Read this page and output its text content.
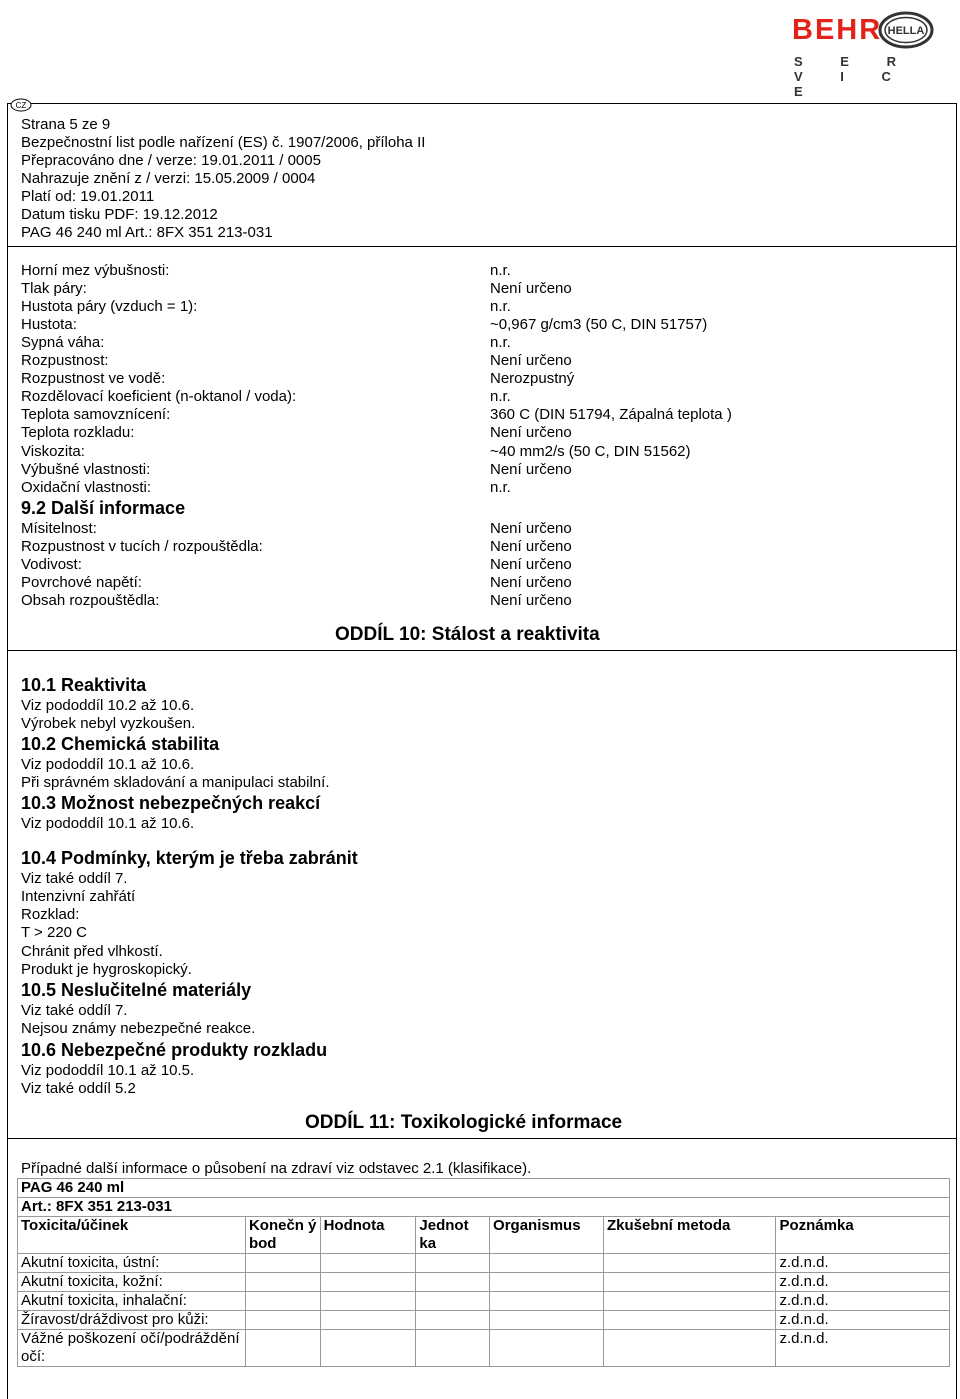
BEHR HELLA
S E R V I C E
CZ
Strana 5 ze 9
Bezpečnostní list podle nařízení (ES) č. 1907/2006, příloha II
Přepracováno dne / verze: 19.01.2011 / 0005
Nahrazuje znění z / verzi: 15.05.2009 / 0004
Platí od: 19.01.2011
Datum tisku PDF: 19.12.2012
PAG 46 240 ml Art.: 8FX 351 213-031
Horní mez výbušnosti:	n.r.
Tlak páry:	Není určeno
Hustota páry (vzduch = 1):	n.r.
Hustota:	~0,967 g/cm3 (50 C, DIN 51757)
Sypná váha:	n.r.
Rozpustnost:	Není určeno
Rozpustnost ve vodě:	Nerozpustný
Rozdělovací koeficient (n-oktanol / voda):	n.r.
Teplota samovznícení:	360 C (DIN 51794, Zápalná teplota )
Teplota rozkladu:	Není určeno
Viskozita:	~40 mm2/s (50 C, DIN 51562)
Výbušné vlastnosti:	Není určeno
Oxidační vlastnosti:	n.r.
9.2 Další informace
Mísitelnost:	Není určeno
Rozpustnost v tucích / rozpouštědla:	Není určeno
Vodivost:	Není určeno
Povrchové napětí:	Není určeno
Obsah rozpouštědla:	Není určeno
ODDÍL 10: Stálost a reaktivita
10.1 Reaktivita
Viz pododdíl 10.2 až 10.6.
Výrobek nebyl vyzkoušen.
10.2 Chemická stabilita
Viz pododdíl 10.1 až 10.6.
Při správném skladování a manipulaci stabilní.
10.3 Možnost nebezpečných reakcí
Viz pododdíl 10.1 až 10.6.
10.4 Podmínky, kterým je třeba zabránit
Viz také oddíl 7.
Intenzivní zahřátí
Rozklad:
T > 220 C
Chránit před vlhkostí.
Produkt je hygroskopický.
10.5 Neslučitelné materiály
Viz také oddíl 7.
Nejsou známy nebezpečné reakce.
10.6 Nebezpečné produkty rozkladu
Viz pododdíl 10.1 až 10.5.
Viz také oddíl 5.2
ODDÍL 11: Toxikologické informace
Případné další informace o působení na zdraví viz odstavec 2.1 (klasifikace).
PAG 46 240 ml						
Art.: 8FX 351 213-031						
Toxicita/účinek	Konečn ý bod	Hodnota	Jednot ka	Organismus	Zkušební metoda	Poznámka
Akutní toxicita, ústní:						z.d.n.d.
Akutní toxicita, kožní:						z.d.n.d.
Akutní toxicita, inhalační:						z.d.n.d.
Žíravost/dráždivost pro kůži:						z.d.n.d.
Vážné poškození očí/podráždění očí:						z.d.n.d.
